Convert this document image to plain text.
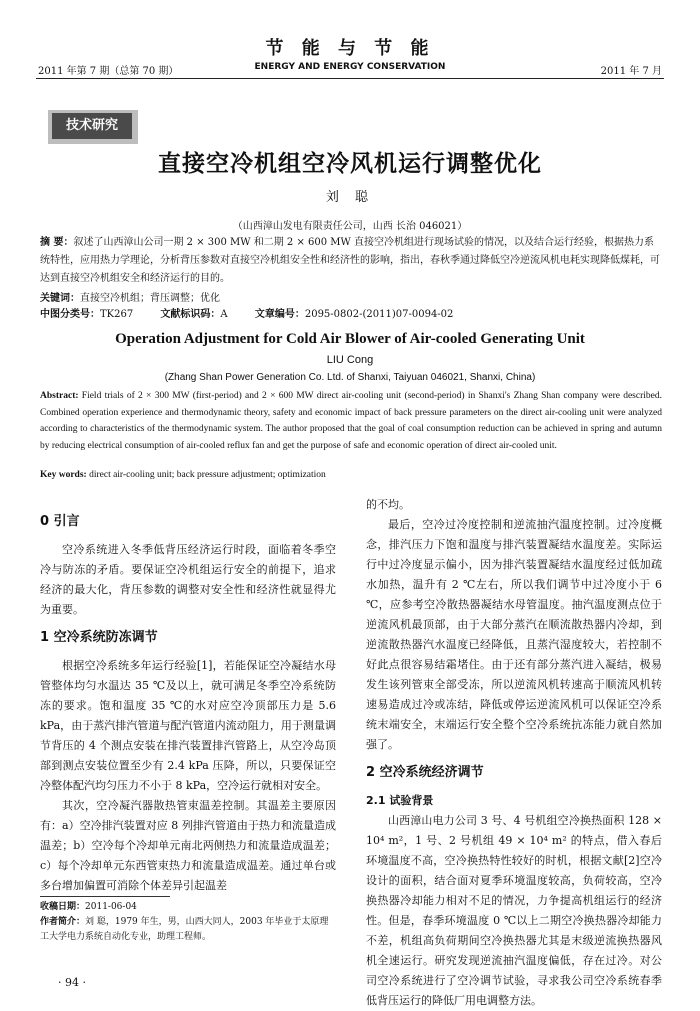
2011 年第 7 期（总第 70 期）
节 能 与 节 能
ENERGY AND ENERGY CONSERVATION	2011 年 7 月
技术研究
直接空冷机组空冷风机运行调整优化
刘 聪
（山西漳山发电有限责任公司，山西 长治 046021）
摘 要：叙述了山西漳山公司一期 2 × 300 MW 和二期 2 × 600 MW 直接空冷机组进行现场试验的情况，以及结合运行经验，根据热力系统特性，应用热力学理论，分析背压参数对直接空冷机组安全性和经济性的影响，指出，春秋季通过降低空冷逆流风机电耗实现降低煤耗，可达到直接空冷机组安全和经济运行的目的。
关键词：直接空冷机组；背压调整；优化
中图分类号：TK267	文献标识码：A	文章编号：2095-0802-(2011)07-0094-02
Operation Adjustment for Cold Air Blower of Air-cooled Generating Unit
LIU Cong
(Zhang Shan Power Generation Co. Ltd. of Shanxi, Taiyuan 046021, Shanxi, China)
Abstract: Field trials of 2 × 300 MW (first-period) and 2 × 600 MW direct air-cooling unit (second-period) in Shanxi's Zhang Shan company were described. Combined operation experience and thermodynamic theory, safety and economic impact of back pressure parameters on the direct air-cooling unit were analyzed according to characteristics of the thermodynamic system. The author proposed that the goal of coal consumption reduction can be achieved in spring and autumn by reducing electrical consumption of air-cooled reflux fan and get the purpose of safe and economic operation of direct air-cooled unit.
Key words: direct air-cooling unit; back pressure adjustment; optimization
0 引言

空冷系统进入冬季低背压经济运行时段，面临着冬季空冷与防冻的矛盾。要保证空冷机组运行安全的前提下，追求经济的最大化，背压参数的调整对安全性和经济性就显得尤为重要。

1 空冷系统防冻调节

根据空冷系统多年运行经验[1]，若能保证空冷凝结水母管整体均匀水温达 35 ℃及以上，就可满足冬季空冷系统防冻的要求。饱和温度 35 ℃的水对应空冷顶部压力是 5.6 kPa，由于蒸汽排汽管道与配汽管道内流动阻力，用于测量调节背压的 4 个测点安装在排汽装置排汽管路上，从空冷岛顶部到测点安装位置至少有 2.4 kPa 压降，所以，只要保证空冷整体配汽均匀压力不小于 8 kPa，空冷运行就相对安全。

其次，空冷凝汽器散热管束温差控制。其温差主要原因有：a）空冷排汽装置对应 8 列排汽管道由于热力和流量造成温差；b）空冷每个冷却单元南北两侧热力和流量造成温差；c）每个冷却单元东西管束热力和流量造成温差。通过单台或多台增加偏置可消除个体差异引起温差

的不均。

最后，空冷过冷度控制和逆流抽汽温度控制。过冷度概念，排汽压力下饱和温度与排汽装置凝结水温度差。实际运行中过冷度显示偏小，因为排汽装置凝结水温度经过低加疏水加热，温升有 2 ℃左右，所以我们调节中过冷度小于 6 ℃，应参考空冷散热器凝结水母管温度。抽汽温度测点位于逆流风机最顶部，由于大部分蒸汽在顺流散热器内冷却，到逆流散热器汽水温度已经降低，且蒸汽湿度较大，若控制不好此点很容易结霜堵住。由于还有部分蒸汽进入凝结，极易发生该列管束全部受冻，所以逆流风机转速高于顺流风机转速易造成过冷或冻结，降低或停运逆流风机可以保证空冷系统末端安全，末端运行安全整个空冷系统抗冻能力就自然加强了。

2 空冷系统经济调节
2.1 试验背景

山西漳山电力公司 3 号、4 号机组空冷换热面积 128 × 10⁴ m²，1 号、2 号机组 49 × 10⁴ m² 的特点，借入春后环境温度不高，空冷换热特性较好的时机，根据文献[2]空冷设计的面积，结合面对夏季环境温度较高，负荷较高，空冷换热器冷却能力相对不足的情况，力争提高机组运行的经济性。但是，春季环境温度 0 ℃以上二期空冷换热器冷却能力不差，机组高负荷期间空冷换热器尤其是末级逆流换热器风机全速运行。研究发现逆流抽汽温度偏低，存在过冷。对公司空冷系统进行了空冷调节试验，寻求我公司空冷系统春季低背压运行的降低厂用电调整方法。

收稿日期：2011-06-04
作者简介：刘 聪，1979 年生，男，山西大同人，2003 年毕业于太原理工大学电力系统自动化专业，助理工程师。
· 94 ·
